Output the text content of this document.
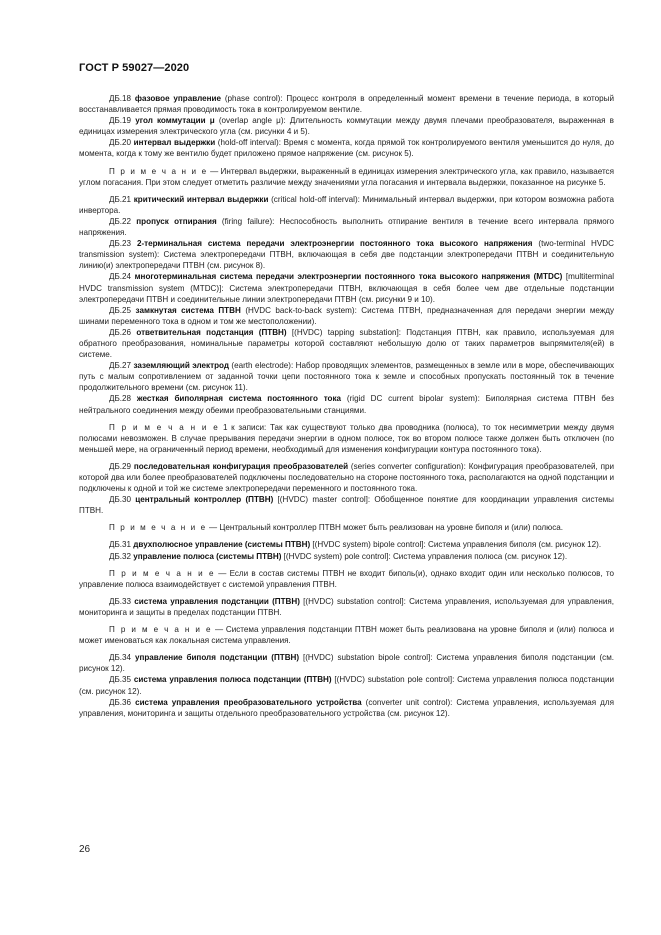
ГОСТ Р 59027—2020

ДБ.18 фазовое управление (phase control): Процесс контроля в определенный момент времени в течение периода, в который восстанавливается прямая проводимость тока в контролируемом вентиле.

ДБ.19 угол коммутации μ (overlap angle μ): Длительность коммутации между двумя плечами преобразователя, выраженная в единицах измерения электрического угла (см. рисунки 4 и 5).

ДБ.20 интервал выдержки (hold-off interval): Время с момента, когда прямой ток контролируемого вентиля уменьшится до нуля, до момента, когда к тому же вентилю будет приложено прямое напряжение (см. рисунок 5).

П р и м е ч а н и е — Интервал выдержки, выраженный в единицах измерения электрического угла, как правило, называется углом погасания. При этом следует отметить различие между значениями угла погасания и интервала выдержки, показанное на рисунке 5.

ДБ.21 критический интервал выдержки (critical hold-off interval): Минимальный интервал выдержки, при котором возможна работа инвертора.

ДБ.22 пропуск отпирания (firing failure): Неспособность выполнить отпирание вентиля в течение всего интервала прямого напряжения.

ДБ.23 2-терминальная система передачи электроэнергии постоянного тока высокого напряжения (two-terminal HVDC transmission system): Система электропередачи ПТВН, включающая в себя две подстанции электропередачи ПТВН и соединительную линию(и) электропередачи ПТВН (см. рисунок 8).

ДБ.24 многотерминальная система передачи электроэнергии постоянного тока высокого напряжения (MTDC) [multiterminal HVDC transmission system (MTDC)]: Система электропередачи ПТВН, включающая в себя более чем две отдельные подстанции электропередачи ПТВН и соединительные линии электропередачи ПТВН (см. рисунки 9 и 10).

ДБ.25 замкнутая система ПТВН (HVDC back-to-back system): Система ПТВН, предназначенная для передачи энергии между шинами переменного тока в одном и том же местоположении).

ДБ.26 ответвительная подстанция (ПТВН) [(HVDC) tapping substation]: Подстанция ПТВН, как правило, используемая для обратного преобразования, номинальные параметры которой составляют небольшую долю от таких параметров выпрямителя(ей) в системе.

ДБ.27 заземляющий электрод (earth electrode): Набор проводящих элементов, размещенных в земле или в море, обеспечивающих путь с малым сопротивлением от заданной точки цепи постоянного тока к земле и способных пропускать постоянный ток в течение продолжительного времени (см. рисунок 11).

ДБ.28 жесткая биполярная система постоянного тока (rigid DC current bipolar system): Биполярная система ПТВН без нейтрального соединения между обеими преобразовательными станциями.

П р и м е ч а н и е 1 к записи: Так как существуют только два проводника (полюса), то ток несимметрии между двумя полюсами невозможен. В случае прерывания передачи энергии в одном полюсе, ток во втором полюсе также должен быть отключен (по меньшей мере, на ограниченный период времени, необходимый для изменения конфигурации контура постоянного тока).

ДБ.29 последовательная конфигурация преобразователей (series converter configuration): Конфигурация преобразователей, при которой два или более преобразователей подключены последовательно на стороне постоянного тока, располагаются на одной подстанции и подключены к одной и той же системе электропередачи переменного и постоянного тока.

ДБ.30 центральный контроллер (ПТВН) [(HVDC) master control]: Обобщенное понятие для координации управления системы ПТВН.

П р и м е ч а н и е — Центральный контроллер ПТВН может быть реализован на уровне биполя и (или) полюса.

ДБ.31 двухполюсное управление (системы ПТВН) [(HVDC system) bipole control]: Система управления биполя (см. рисунок 12).

ДБ.32 управление полюса (системы ПТВН) [(HVDC system) pole control]: Система управления полюса (см. рисунок 12).

П р и м е ч а н и е — Если в состав системы ПТВН не входит биполь(и), однако входит один или несколько полюсов, то управление полюса взаимодействует с системой управления ПТВН.

ДБ.33 система управления подстанции (ПТВН) [(HVDC) substation control]: Система управления, используемая для управления, мониторинга и защиты в пределах подстанции ПТВН.

П р и м е ч а н и е — Система управления подстанции ПТВН может быть реализована на уровне биполя и (или) полюса и может именоваться как локальная система управления.

ДБ.34 управление биполя подстанции (ПТВН) [(HVDC) substation bipole control]: Система управления биполя подстанции (см. рисунок 12).

ДБ.35 система управления полюса подстанции (ПТВН) [(HVDC) substation pole control]: Система управления полюса подстанции (см. рисунок 12).

ДБ.36 система управления преобразовательного устройства (converter unit control): Система управления, используемая для управления, мониторинга и защиты отдельного преобразовательного устройства (см. рисунок 12).

26
